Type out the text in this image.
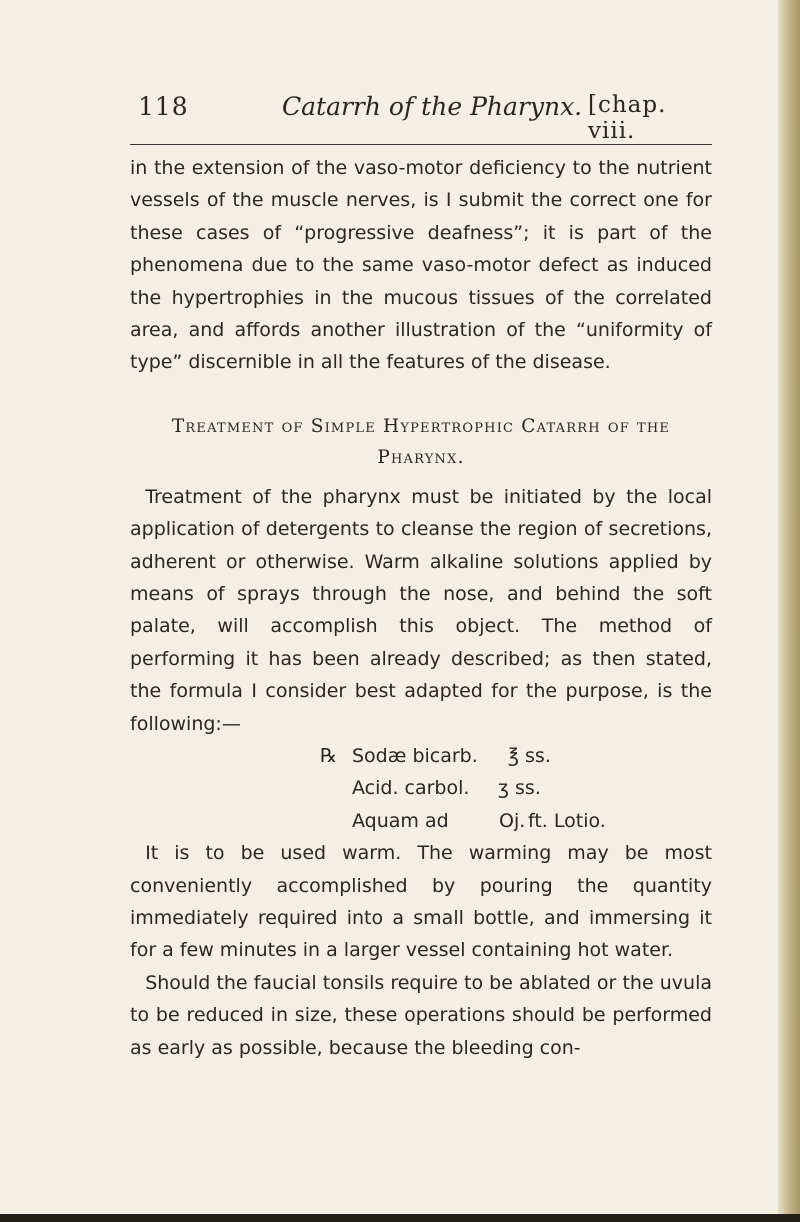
118	Catarrh of the Pharynx. [chap. viii.

in the extension of the vaso-motor deficiency to the nutrient vessels of the muscle nerves, is I submit the correct one for these cases of “progressive deafness”; it is part of the phenomena due to the same vaso-motor defect as induced the hypertrophies in the mucous tissues of the correlated area, and affords another illustration of the “uniformity of type” discernible in all the features of the disease.

Treatment of Simple Hypertrophic Catarrh of the
Pharynx.

Treatment of the pharynx must be initiated by the local application of detergents to cleanse the region of secretions, adherent or otherwise. Warm alkaline solutions applied by means of sprays through the nose, and behind the soft palate, will accomplish this object. The method of performing it has been already described; as then stated, the formula I consider best adapted for the purpose, is the following:—

℞ Sodæ bicarb. ℥ ss.
Acid. carbol. ʒ ss.
Aquam ad	Oj. ft. Lotio.

It is to be used warm. The warming may be most conveniently accomplished by pouring the quantity immediately required into a small bottle, and immersing it for a few minutes in a larger vessel containing hot water.

Should the faucial tonsils require to be ablated or the uvula to be reduced in size, these operations should be performed as early as possible, because the bleeding con-
